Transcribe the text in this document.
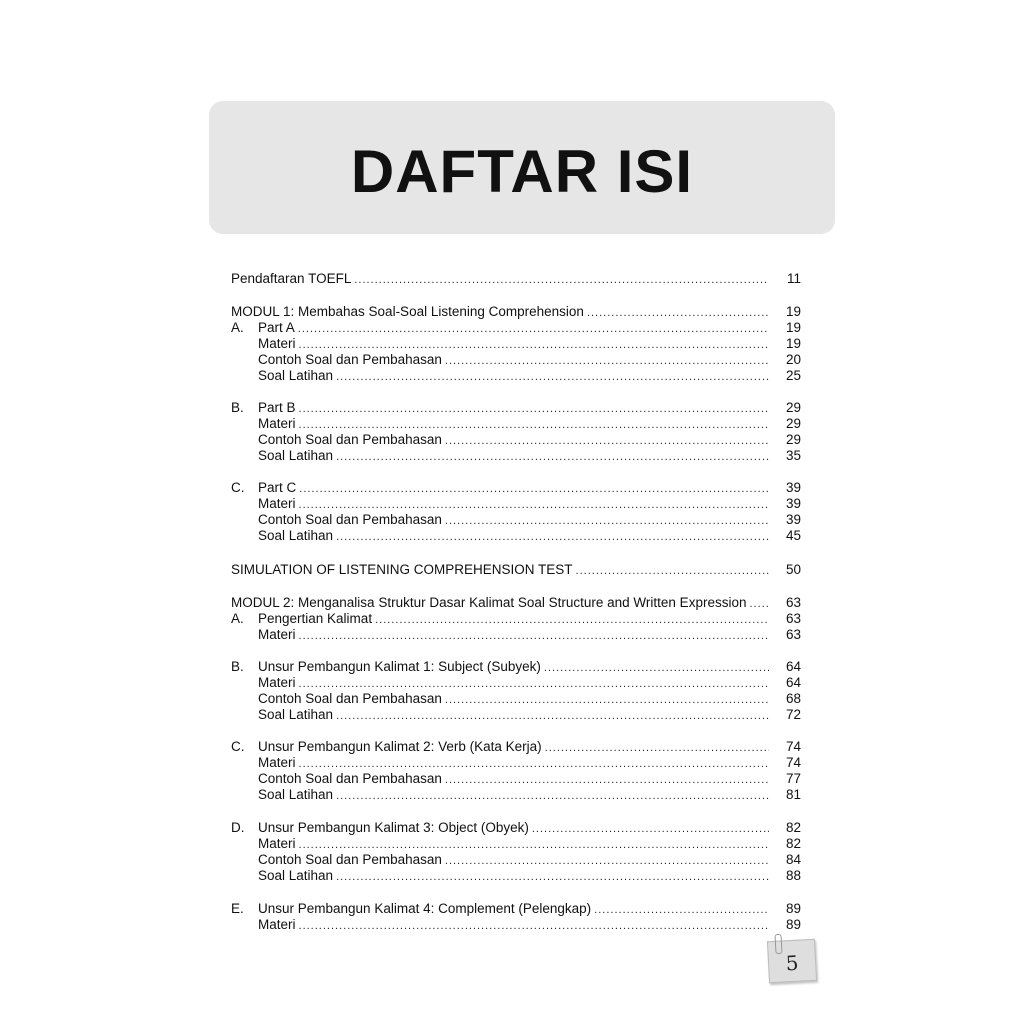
DAFTAR ISI
Pendaftaran TOEFL .....	11
MODUL 1: Membahas Soal-Soal Listening Comprehension .....	19
A.	Part A .....	19
Materi .....	19
Contoh Soal dan Pembahasan .....	20
Soal Latihan .....	25
B.	Part B .....	29
Materi .....	29
Contoh Soal dan Pembahasan .....	29
Soal Latihan .....	35
C.	Part C .....	39
Materi .....	39
Contoh Soal dan Pembahasan .....	39
Soal Latihan .....	45
SIMULATION OF LISTENING COMPREHENSION TEST .....	50
MODUL 2: Menganalisa Struktur Dasar Kalimat Soal Structure and Written Expression .....	63
A.	Pengertian Kalimat .....	63
Materi .....	63
B.	Unsur Pembangun Kalimat 1: Subject (Subyek) .....	64
Materi .....	64
Contoh Soal dan Pembahasan .....	68
Soal Latihan .....	72
C.	Unsur Pembangun Kalimat 2: Verb (Kata Kerja) .....	74
Materi .....	74
Contoh Soal dan Pembahasan .....	77
Soal Latihan .....	81
D.	Unsur Pembangun Kalimat 3: Object (Obyek) .....	82
Materi .....	82
Contoh Soal dan Pembahasan .....	84
Soal Latihan .....	88
E.	Unsur Pembangun Kalimat 4: Complement (Pelengkap) .....	89
Materi .....	89
5
